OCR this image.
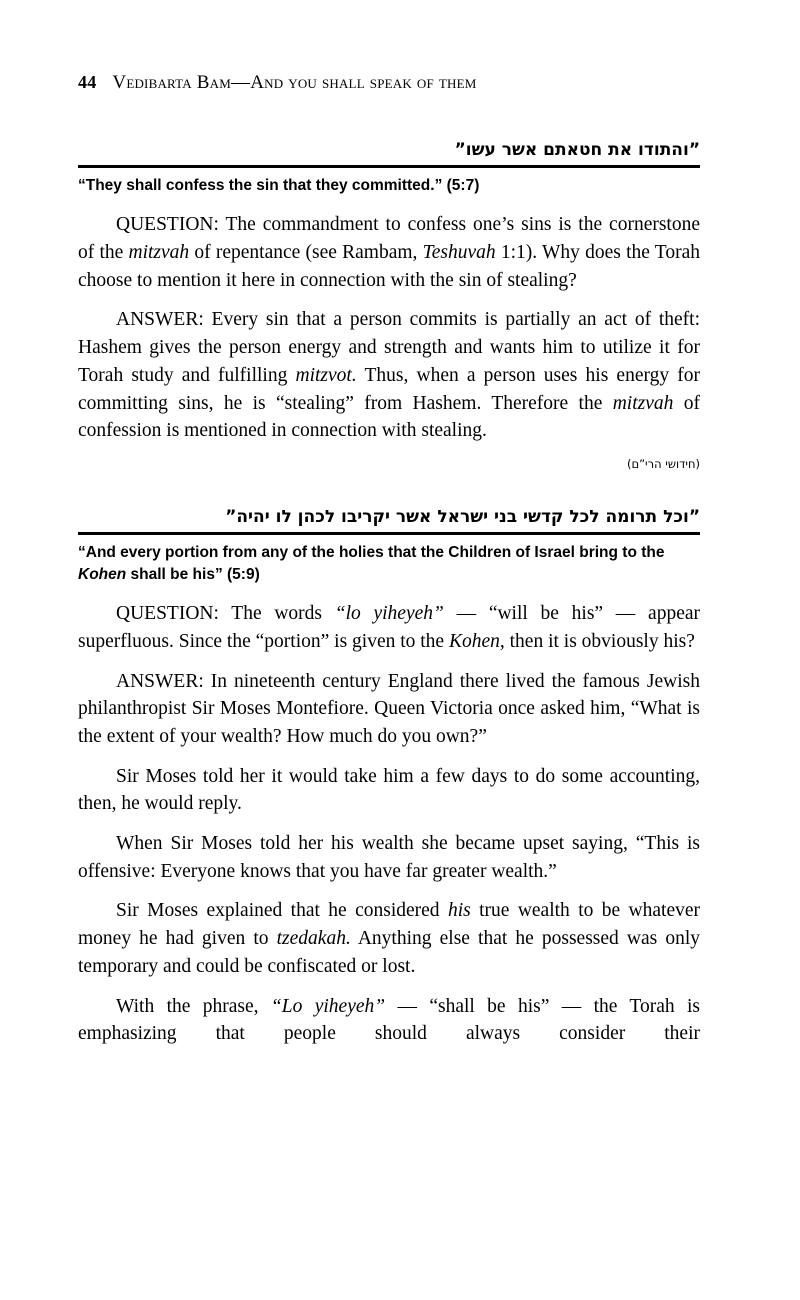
44 Vedibarta Bam—And you shall speak of them
”והתודו את חטאתם אשר עשו”
“They shall confess the sin that they committed.” (5:7)

QUESTION: The commandment to confess one’s sins is the cornerstone of the mitzvah of repentance (see Rambam, Teshuvah 1:1). Why does the Torah choose to mention it here in connection with the sin of stealing?

ANSWER: Every sin that a person commits is partially an act of theft: Hashem gives the person energy and strength and wants him to utilize it for Torah study and fulfilling mitzvot. Thus, when a person uses his energy for committing sins, he is “stealing” from Hashem. Therefore the mitzvah of confession is mentioned in connection with stealing.

(חידושי הרי”ם)

”וכל תרומה לכל קדשי בני ישראל אשר יקריבו לכהן לו יהיה”
“And every portion from any of the holies that the Children of Israel bring to the Kohen shall be his” (5:9)

QUESTION: The words “lo yiheyeh” — “will be his” — appear superfluous. Since the “portion” is given to the Kohen, then it is obviously his?

ANSWER: In nineteenth century England there lived the famous Jewish philanthropist Sir Moses Montefiore. Queen Victoria once asked him, “What is the extent of your wealth? How much do you own?”

Sir Moses told her it would take him a few days to do some accounting, then, he would reply.

When Sir Moses told her his wealth she became upset saying, “This is offensive: Everyone knows that you have far greater wealth.”

Sir Moses explained that he considered his true wealth to be whatever money he had given to tzedakah. Anything else that he possessed was only temporary and could be confiscated or lost.

With the phrase, “Lo yiheyeh” — “shall be his” — the Torah is emphasizing that people should always consider their
